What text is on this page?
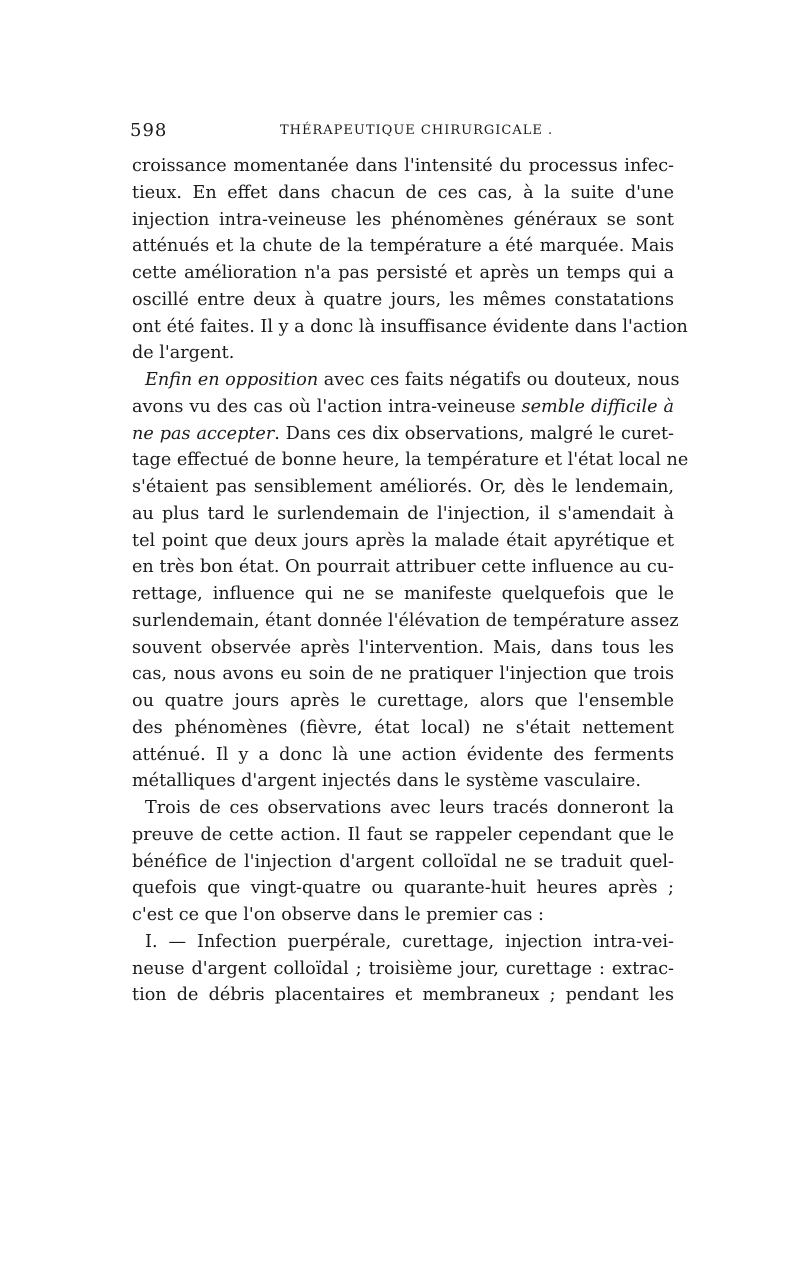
598	THÉRAPEUTIQUE CHIRURGICALE .
croissance momentanée dans l'intensité du processus infec-
tieux. En effet dans chacun de ces cas, à la suite d'une
injection intra-veineuse les phénomènes généraux se sont
atténués et la chute de la température a été marquée. Mais
cette amélioration n'a pas persisté et après un temps qui a
oscillé entre deux à quatre jours, les mêmes constatations
ont été faites. Il y a donc là insuffisance évidente dans l'action
de l'argent.
Enfin en opposition avec ces faits négatifs ou douteux, nous
avons vu des cas où l'action intra-veineuse semble difficile à
ne pas accepter. Dans ces dix observations, malgré le curet-
tage effectué de bonne heure, la température et l'état local ne
s'étaient pas sensiblement améliorés. Or, dès le lendemain,
au plus tard le surlendemain de l'injection, il s'amendait à
tel point que deux jours après la malade était apyrétique et
en très bon état. On pourrait attribuer cette influence au cu-
rettage, influence qui ne se manifeste quelquefois que le
surlendemain, étant donnée l'élévation de température assez
souvent observée après l'intervention. Mais, dans tous les
cas, nous avons eu soin de ne pratiquer l'injection que trois
ou quatre jours après le curettage, alors que l'ensemble
des phénomènes (fièvre, état local) ne s'était nettement
atténué. Il y a donc là une action évidente des ferments
métalliques d'argent injectés dans le système vasculaire.
Trois de ces observations avec leurs tracés donneront la
preuve de cette action. Il faut se rappeler cependant que le
bénéfice de l'injection d'argent colloïdal ne se traduit quel-
quefois que vingt-quatre ou quarante-huit heures après ;
c'est ce que l'on observe dans le premier cas :
I. — Infection puerpérale, curettage, injection intra-vei-
neuse d'argent colloïdal ; troisième jour, curettage : extrac-
tion de débris placentaires et membraneux ; pendant les
